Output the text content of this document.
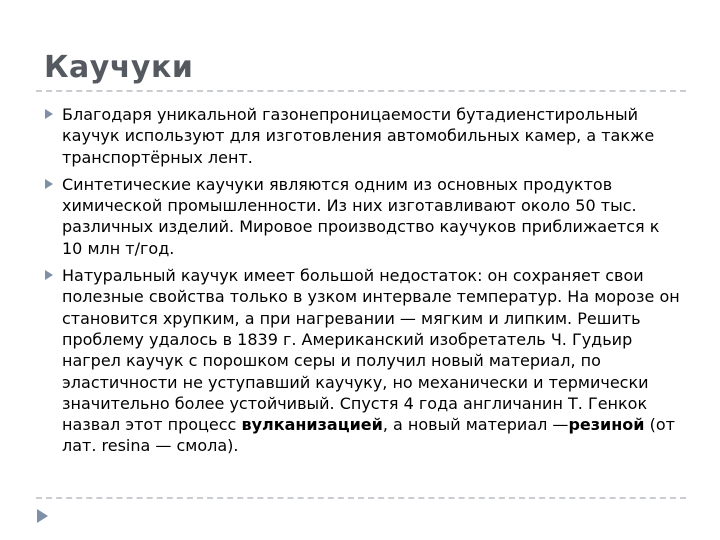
Каучуки

Благодаря уникальной газонепроницаемости бутадиенстирольный каучук используют для изготовления автомобильных камер, а также транспортёрных лент.

Синтетические каучуки являются одним из основных продуктов химической промышленности. Из них изготавливают около 50 тыс. различных изделий. Мировое производство каучуков приближается к 10 млн т/год.

Натуральный каучук имеет большой недостаток: он сохраняет свои полезные свойства только в узком интервале температур. На морозе он становится хрупким, а при нагревании — мягким и липким. Решить проблему удалось в 1839 г. Американский изобретатель Ч. Гудьир нагрел каучук с порошком серы и получил новый материал, по эластичности не уступавший каучуку, но механически и термически значительно более устойчивый. Спустя 4 года англичанин Т. Генкок назвал этот процесс вулканизацией, а новый материал —резиной (от лат. resina — смола).
